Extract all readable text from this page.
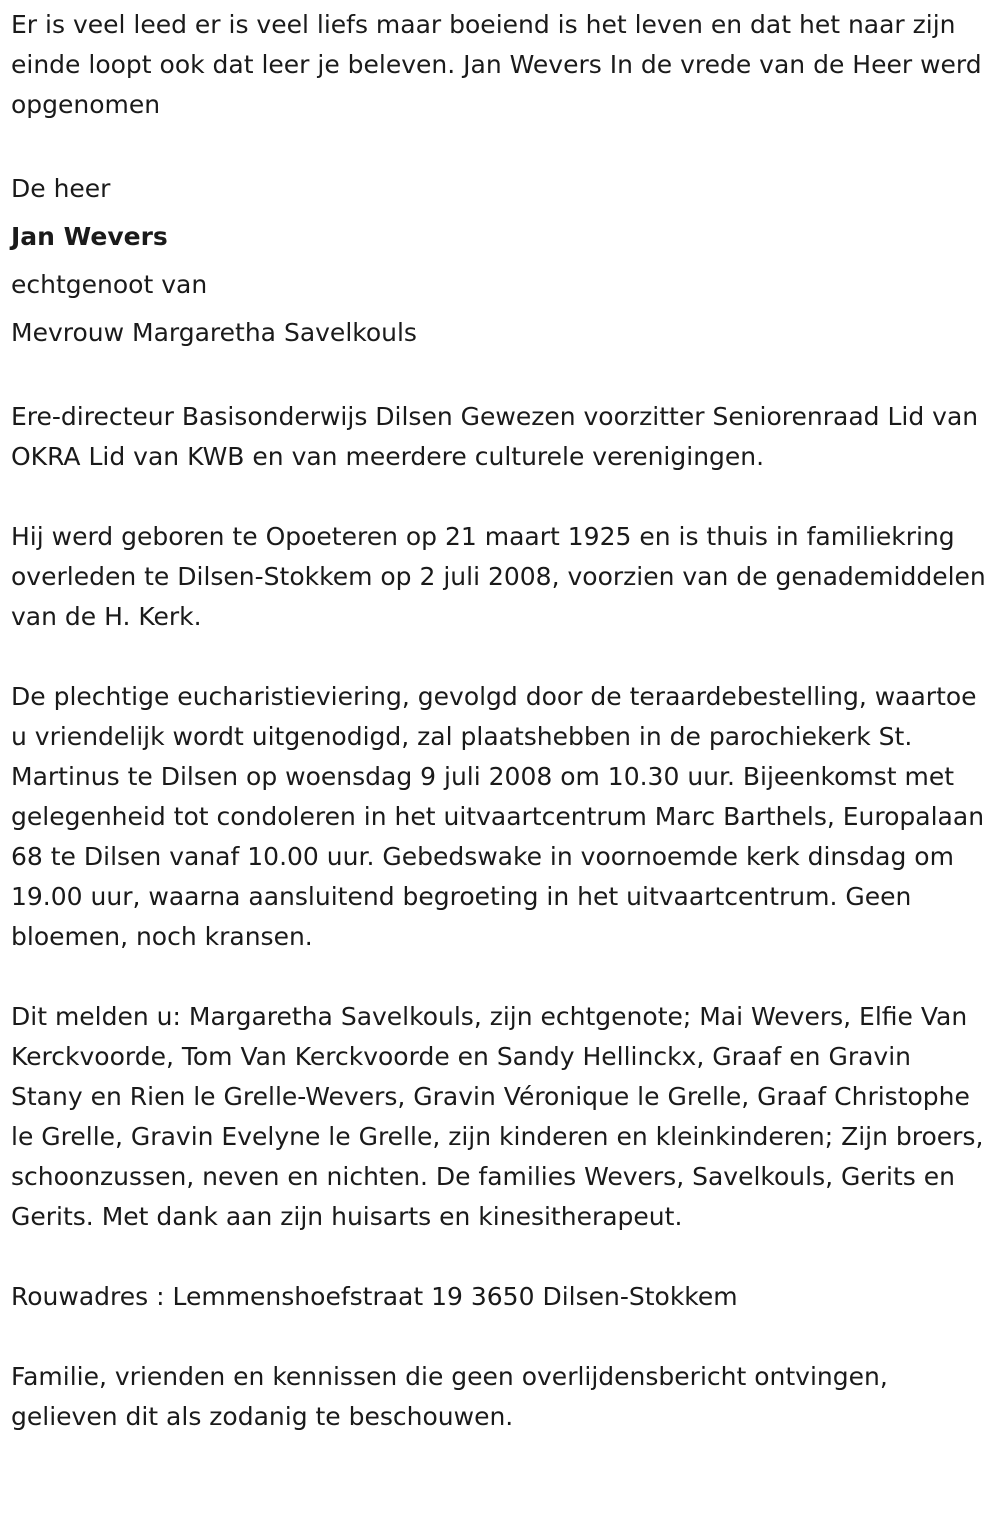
Er is veel leed er is veel liefs maar boeiend is het leven en dat het naar zijn einde loopt ook dat leer je beleven. Jan Wevers In de vrede van de Heer werd opgenomen

De heer
Jan Wevers
echtgenoot van
Mevrouw Margaretha Savelkouls

Ere-directeur Basisonderwijs Dilsen Gewezen voorzitter Seniorenraad Lid van OKRA Lid van KWB en van meerdere culturele verenigingen.

Hij werd geboren te Opoeteren op 21 maart 1925 en is thuis in familiekring overleden te Dilsen-Stokkem op 2 juli 2008, voorzien van de genademiddelen van de H. Kerk.

De plechtige eucharistieviering, gevolgd door de teraardebestelling, waartoe u vriendelijk wordt uitgenodigd, zal plaatshebben in de parochiekerk St. Martinus te Dilsen op woensdag 9 juli 2008 om 10.30 uur. Bijeenkomst met gelegenheid tot condoleren in het uitvaartcentrum Marc Barthels, Europalaan 68 te Dilsen vanaf 10.00 uur. Gebedswake in voornoemde kerk dinsdag om 19.00 uur, waarna aansluitend begroeting in het uitvaartcentrum. Geen bloemen, noch kransen.

Dit melden u: Margaretha Savelkouls, zijn echtgenote; Mai Wevers, Elfie Van Kerckvoorde, Tom Van Kerckvoorde en Sandy Hellinckx, Graaf en Gravin Stany en Rien le Grelle-Wevers, Gravin Véronique le Grelle, Graaf Christophe le Grelle, Gravin Evelyne le Grelle, zijn kinderen en kleinkinderen; Zijn broers, schoonzussen, neven en nichten. De families Wevers, Savelkouls, Gerits en Gerits. Met dank aan zijn huisarts en kinesitherapeut.

Rouwadres : Lemmenshoefstraat 19 3650 Dilsen-Stokkem

Familie, vrienden en kennissen die geen overlijdensbericht ontvingen, gelieven dit als zodanig te beschouwen.
